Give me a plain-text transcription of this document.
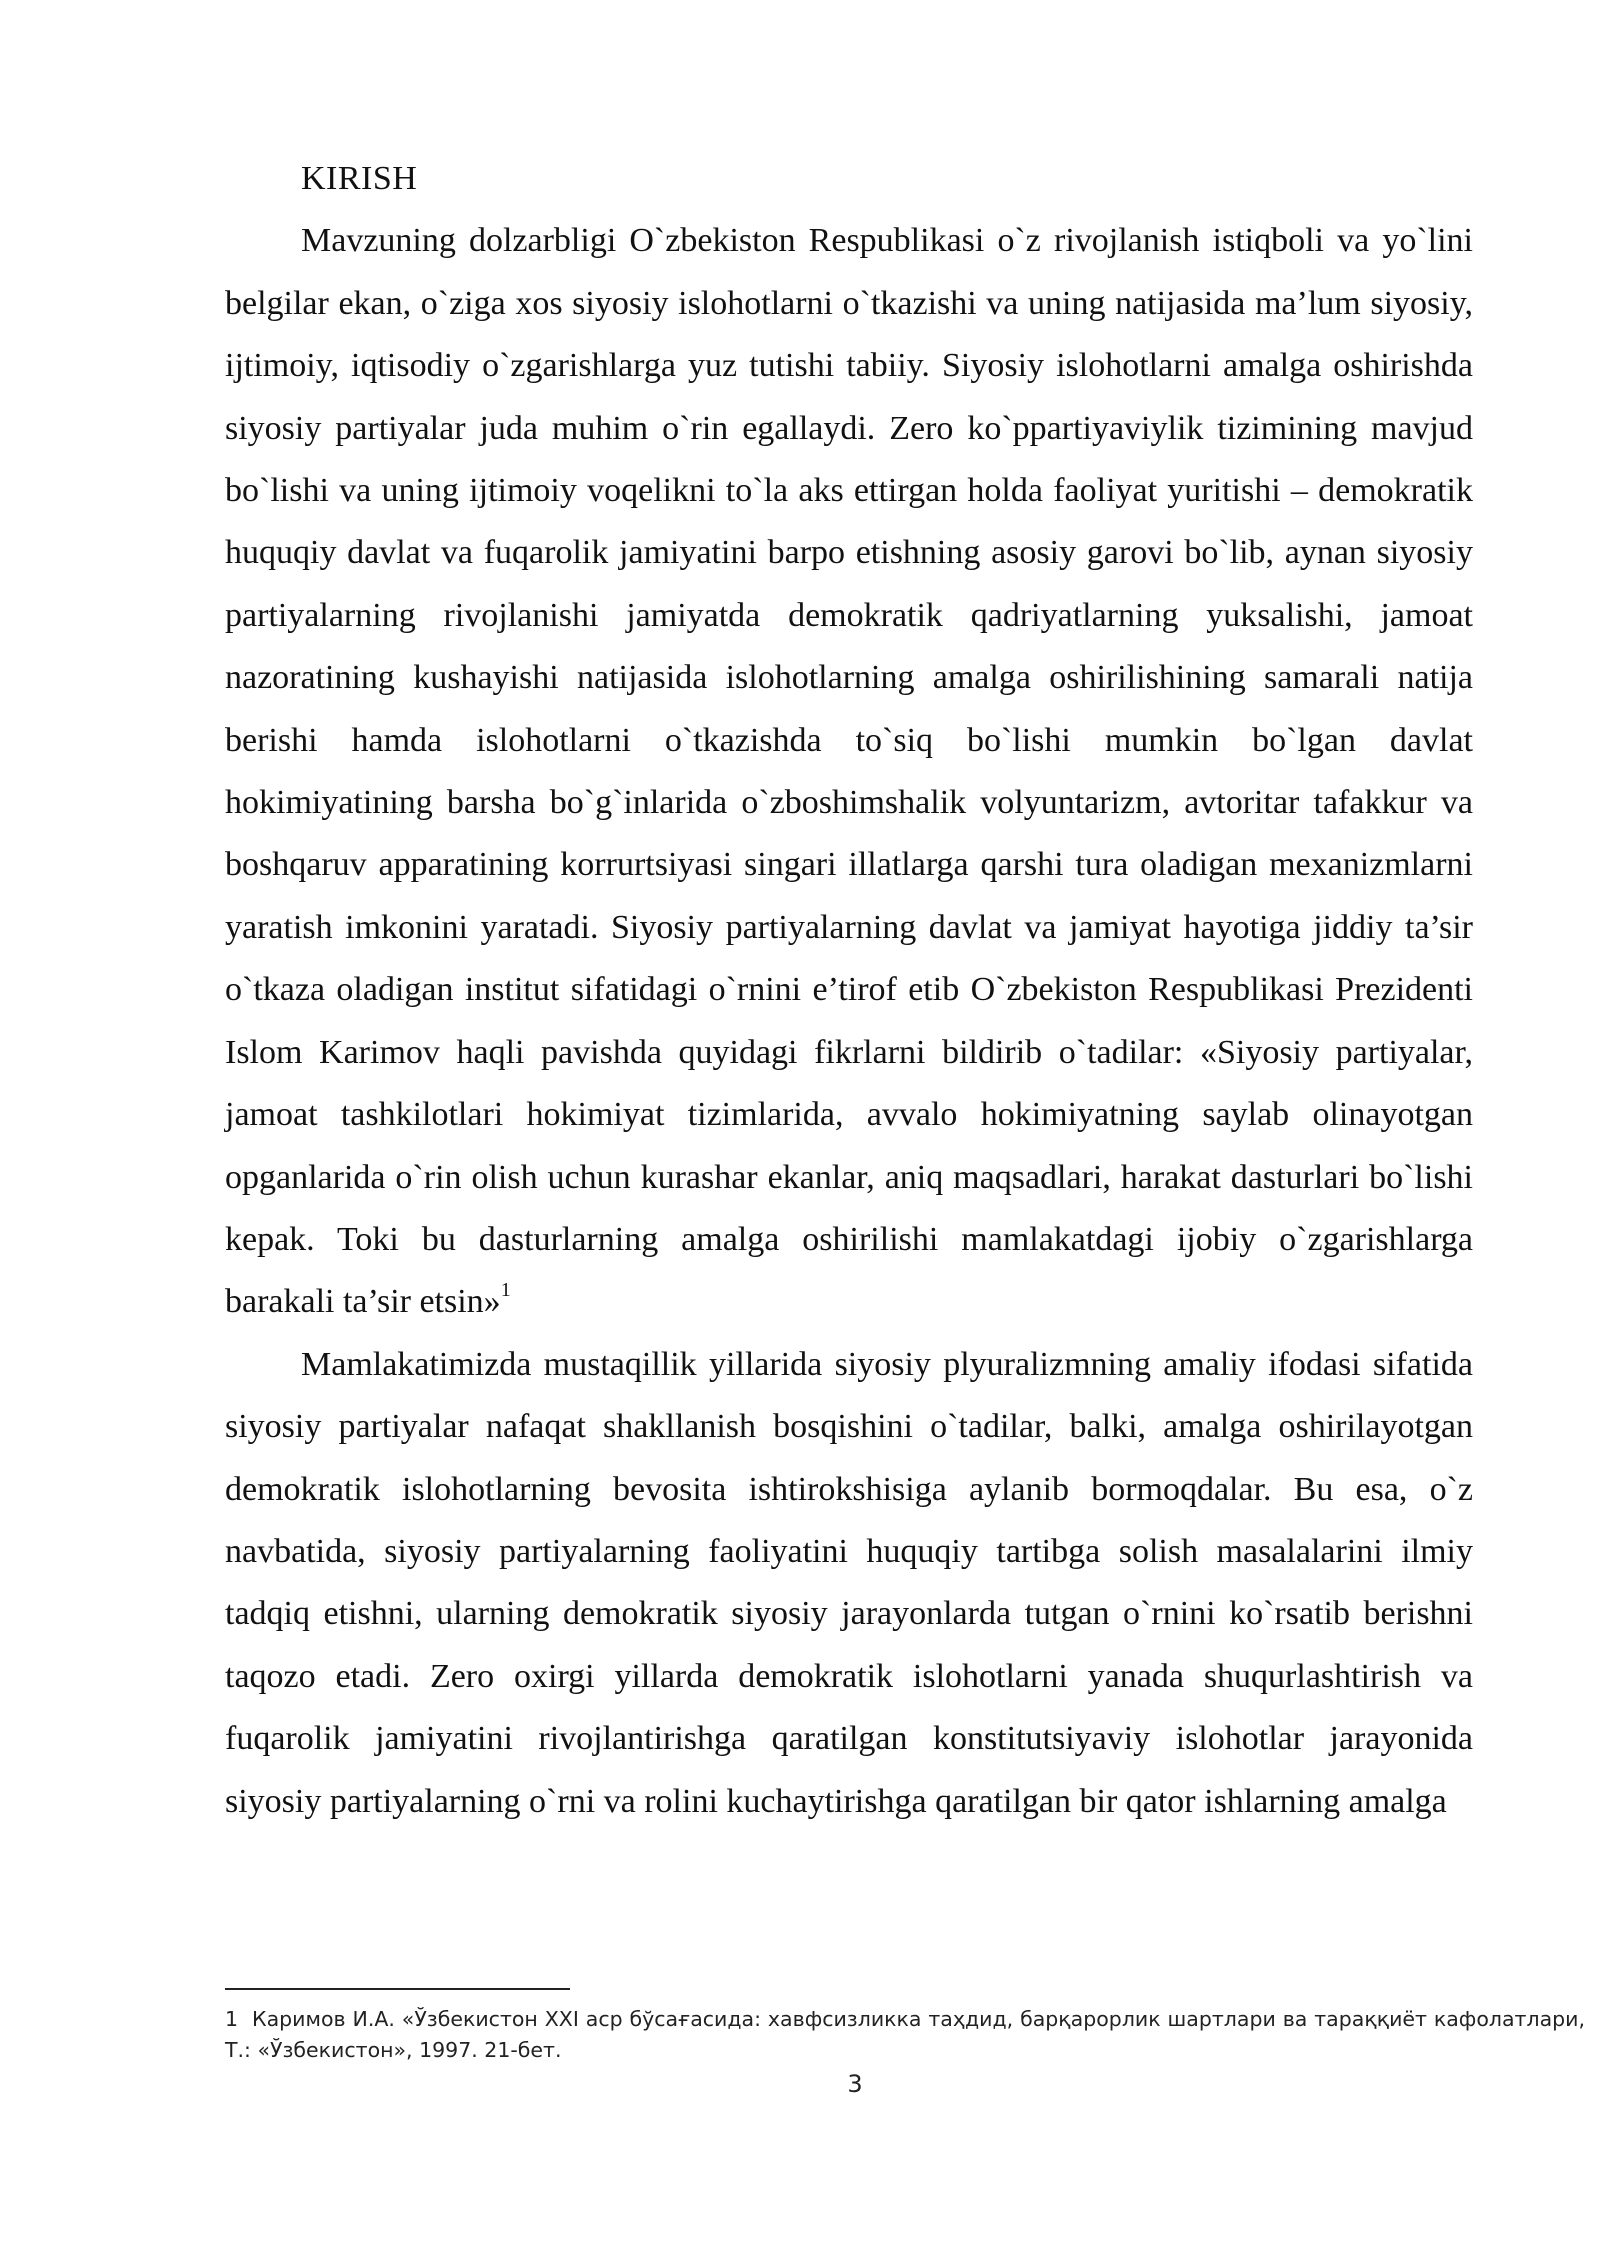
KIRISH

Mavzuning dolzarbligi O`zbekiston Respublikasi o`z rivojlanish istiqboli va yo`lini belgilar ekan, o`ziga xos siyosiy islohotlarni o`tkazishi va uning natijasida ma’lum siyosiy, ijtimoiy, iqtisodiy o`zgarishlarga yuz tutishi tabiiy. Siyosiy islohotlarni amalga oshirishda siyosiy partiyalar juda muhim o`rin egallaydi. Zero ko`ppartiyaviylik tizimining mavjud bo`lishi va uning ijtimoiy voqelikni to`la aks ettirgan holda faoliyat yuritishi – demokratik huquqiy davlat va fuqarolik jamiyatini barpo etishning asosiy garovi bo`lib, aynan siyosiy partiyalarning rivojlanishi jamiyatda demokratik qadriyatlarning yuksalishi, jamoat nazoratining kushayishi natijasida islohotlarning amalga oshirilishining samarali natija berishi hamda islohotlarni o`tkazishda to`siq bo`lishi mumkin bo`lgan davlat hokimiyatining barsha bo`g`inlarida o`zboshimshalik volyuntarizm, avtoritar tafakkur va boshqaruv apparatining korrurtsiyasi singari illatlarga qarshi tura oladigan mexanizmlarni yaratish imkonini yaratadi. Siyosiy partiyalarning davlat va jamiyat hayotiga jiddiy ta’sir o`tkaza oladigan institut sifatidagi o`rnini e’tirof etib O`zbekiston Respublikasi Prezidenti Islom Karimov haqli pavishda quyidagi fikrlarni bildirib o`tadilar: «Siyosiy partiyalar, jamoat tashkilotlari hokimiyat tizimlarida, avvalo hokimiyatning saylab olinayotgan opganlarida o`rin olish uchun kurashar ekanlar, aniq maqsadlari, harakat dasturlari bo`lishi kepak. Toki bu dasturlarning amalga oshirilishi mamlakatdagi ijobiy o`zgarishlarga barakali ta’sir etsin»$^1$

Mamlakatimizda mustaqillik yillarida siyosiy plyuralizmning amaliy ifodasi sifatida siyosiy partiyalar nafaqat shakllanish bosqishini o`tadilar, balki, amalga oshirilayotgan demokratik islohotlarning bevosita ishtirokshisiga aylanib bormoqdalar. Bu esa, o`z navbatida, siyosiy partiyalarning faoliyatini huquqiy tartibga solish masalalarini ilmiy tadqiq etishni, ularning demokratik siyosiy jarayonlarda tutgan o`rnini ko`rsatib berishni taqozo etadi. Zero oxirgi yillarda demokratik islohotlarni yanada shuqurlashtirish va fuqarolik jamiyatini rivojlantirishga qaratilgan konstitutsiyaviy islohotlar jarayonida siyosiy partiyalarning o`rni va rolini kuchaytirishga qaratilgan bir qator ishlarning amalga

1 Каримов И.А. «Ўзбекистон XXI аср бўсағасида: хавфсизликка таҳдид, барқарорлик шартлари ва тараққиёт кафолатлари, Т.: «Ўзбекистон», 1997. 21-бет.
3
